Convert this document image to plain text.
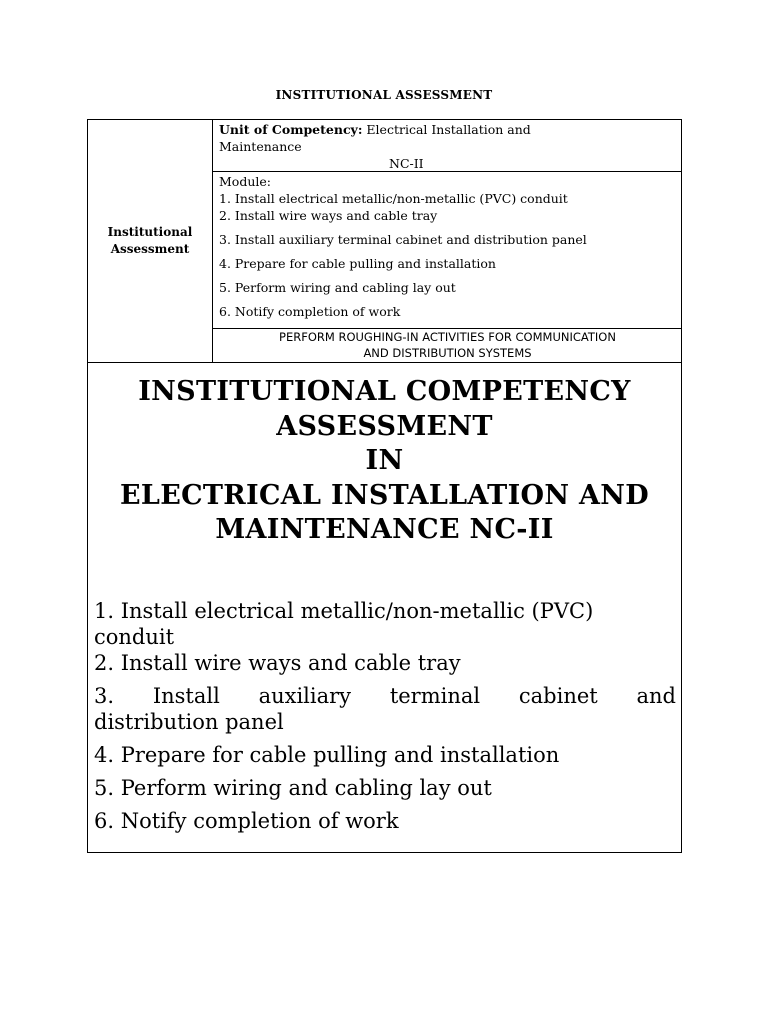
INSTITUTIONAL ASSESSMENT
Institutional
Assessment
Unit of Competency: Electrical Installation and
Maintenance
NC-II
Module:
1. Install electrical metallic/non-metallic (PVC) conduit
2. Install wire ways and cable tray
3. Install auxiliary terminal cabinet and distribution panel
4. Prepare for cable pulling and installation
5. Perform wiring and cabling lay out
6. Notify completion of work
PERFORM ROUGHING-IN ACTIVITIES FOR COMMUNICATION
AND DISTRIBUTION SYSTEMS
INSTITUTIONAL COMPETENCY
ASSESSMENT
IN
ELECTRICAL INSTALLATION AND
MAINTENANCE NC-II
1. Install electrical metallic/non-metallic (PVC)
conduit
2. Install wire ways and cable tray
3. Install auxiliary terminal cabinet and
distribution panel
4. Prepare for cable pulling and installation
5. Perform wiring and cabling lay out
6. Notify completion of work
